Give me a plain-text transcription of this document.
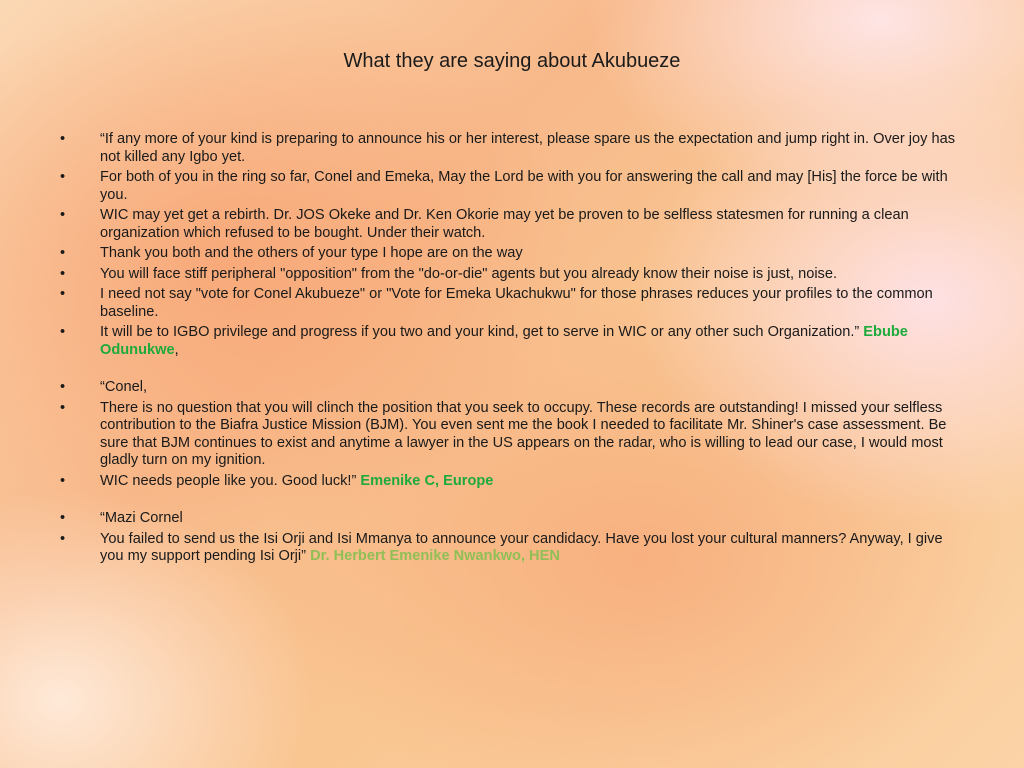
What they are saying about Akubueze
•	“If any more of your kind is preparing to announce his or her interest, please spare us the expectation and jump right in. Over joy has not killed any Igbo yet.
•	For both of you in the ring so far, Conel and Emeka, May the Lord be with you for answering the call and may [His] the force be with you.
•	WIC may yet get a rebirth. Dr. JOS Okeke and Dr. Ken Okorie may yet be proven to be selfless statesmen for running a clean organization which refused to be bought. Under their watch.
•	Thank you both and the others of your type I hope are on the way
•	You will face stiff peripheral "opposition" from the "do-or-die" agents but you already know their noise is just, noise.
•	I need not say "vote for Conel Akubueze" or "Vote for Emeka Ukachukwu" for those phrases reduces your profiles to the common baseline.
•	It will be to IGBO privilege and progress if you two and your kind, get to serve in WIC or any other such Organization.” Ebube Odunukwe,
•	“Conel,
•	There is no question that you will clinch the position that you seek to occupy. These records are outstanding! I missed your selfless contribution to the Biafra Justice Mission (BJM). You even sent me the book I needed to facilitate Mr. Shiner's case assessment. Be sure that BJM continues to exist and anytime a lawyer in the US appears on the radar, who is willing to lead our case, I would most gladly turn on my ignition.
•	WIC needs people like you. Good luck!” Emenike C, Europe
•	“Mazi Cornel
•	You failed to send us the Isi Orji and Isi Mmanya to announce your candidacy. Have you lost your cultural manners? Anyway, I give you my support pending Isi Orji” Dr. Herbert Emenike Nwankwo, HEN
